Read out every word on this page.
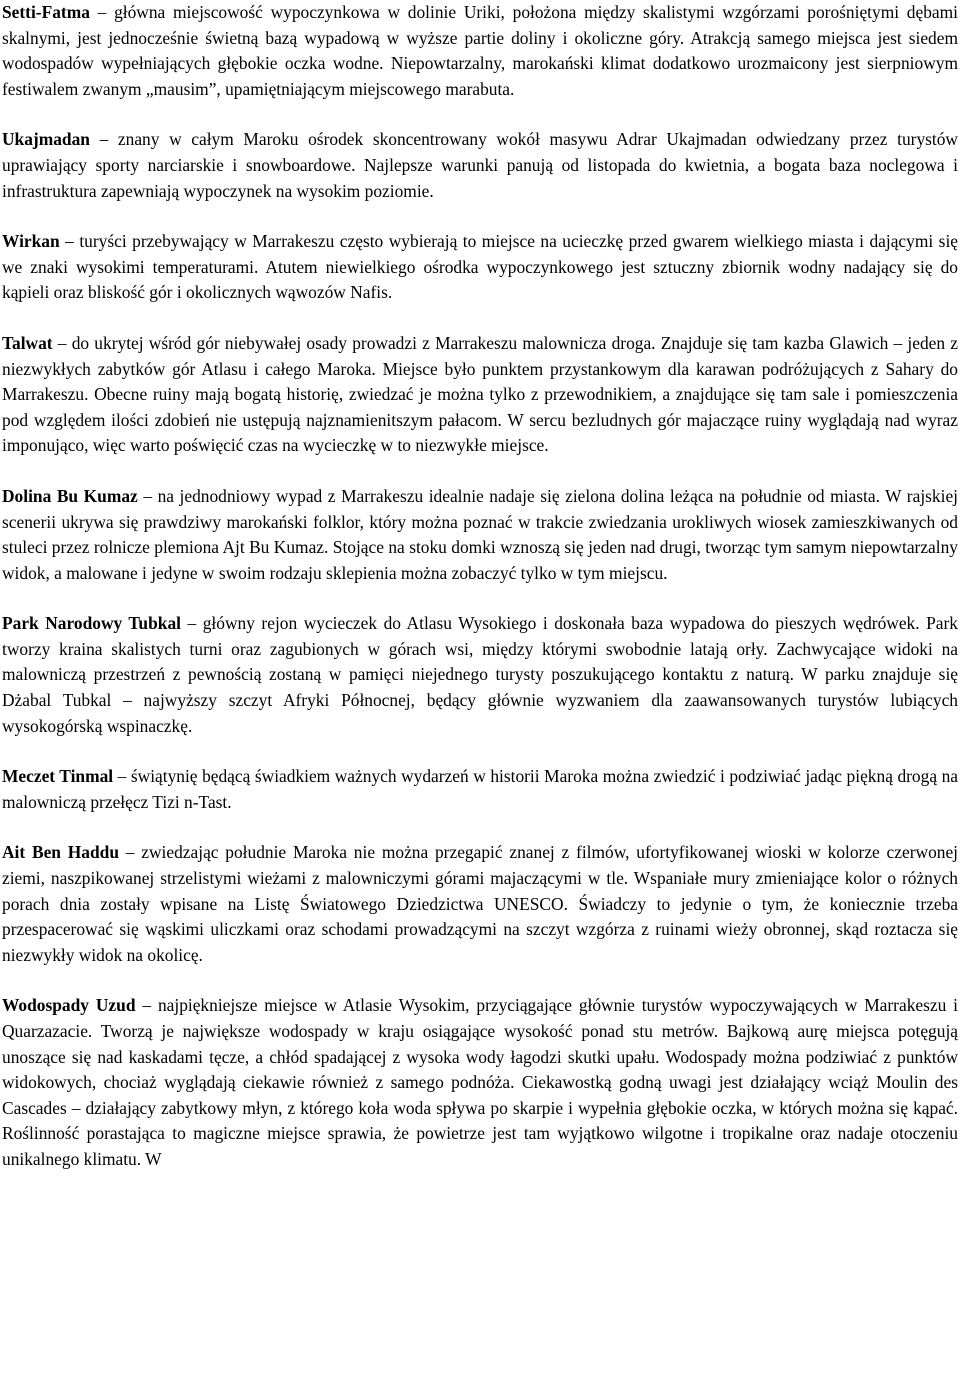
Setti-Fatma – główna miejscowość wypoczynkowa w dolinie Uriki, położona między skalistymi wzgórzami porośniętymi dębami skalnymi, jest jednocześnie świetną bazą wypadową w wyższe partie doliny i okoliczne góry. Atrakcją samego miejsca jest siedem wodospadów wypełniających głębokie oczka wodne. Niepowtarzalny, marokański klimat dodatkowo urozmaicony jest sierpniowym festiwalem zwanym „mausim”, upamiętniającym miejscowego marabuta.

Ukajmadan – znany w całym Maroku ośrodek skoncentrowany wokół masywu Adrar Ukajmadan odwiedzany przez turystów uprawiający sporty narciarskie i snowboardowe. Najlepsze warunki panują od listopada do kwietnia, a bogata baza noclegowa i infrastruktura zapewniają wypoczynek na wysokim poziomie.

Wirkan – turyści przebywający w Marrakeszu często wybierają to miejsce na ucieczkę przed gwarem wielkiego miasta i dającymi się we znaki wysokimi temperaturami. Atutem niewielkiego ośrodka wypoczynkowego jest sztuczny zbiornik wodny nadający się do kąpieli oraz bliskość gór i okolicznych wąwozów Nafis.

Talwat – do ukrytej wśród gór niebywałej osady prowadzi z Marrakeszu malownicza droga. Znajduje się tam kazba Glawich – jeden z niezwykłych zabytków gór Atlasu i całego Maroka. Miejsce było punktem przystankowym dla karawan podróżujących z Sahary do Marrakeszu. Obecne ruiny mają bogatą historię, zwiedzać je można tylko z przewodnikiem, a znajdujące się tam sale i pomieszczenia pod względem ilości zdobień nie ustępują najznamienitszym pałacom. W sercu bezludnych gór majaczące ruiny wyglądają nad wyraz imponująco, więc warto poświęcić czas na wycieczkę w to niezwykłe miejsce.

Dolina Bu Kumaz – na jednodniowy wypad z Marrakeszu idealnie nadaje się zielona dolina leżąca na południe od miasta. W rajskiej scenerii ukrywa się prawdziwy marokański folklor, który można poznać w trakcie zwiedzania urokliwych wiosek zamieszkiwanych od stuleci przez rolnicze plemiona Ajt Bu Kumaz. Stojące na stoku domki wznoszą się jeden nad drugi, tworząc tym samym niepowtarzalny widok, a malowane i jedyne w swoim rodzaju sklepienia można zobaczyć tylko w tym miejscu.

Park Narodowy Tubkal – główny rejon wycieczek do Atlasu Wysokiego i doskonała baza wypadowa do pieszych wędrówek. Park tworzy kraina skalistych turni oraz zagubionych w górach wsi, między którymi swobodnie latają orły. Zachwycające widoki na malowniczą przestrzeń z pewnością zostaną w pamięci niejednego turysty poszukującego kontaktu z naturą. W parku znajduje się Dżabal Tubkal – najwyższy szczyt Afryki Północnej, będący głównie wyzwaniem dla zaawansowanych turystów lubiących wysokogórską wspinaczkę.

Meczet Tinmal – świątynię będącą świadkiem ważnych wydarzeń w historii Maroka można zwiedzić i podziwiać jadąc piękną drogą na malowniczą przełęcz Tizi n-Tast.

Ait Ben Haddu – zwiedzając południe Maroka nie można przegapić znanej z filmów, ufortyfikowanej wioski w kolorze czerwonej ziemi, naszpikowanej strzelistymi wieżami z malowniczymi górami majaczącymi w tle. Wspaniałe mury zmieniające kolor o różnych porach dnia zostały wpisane na Listę Światowego Dziedzictwa UNESCO. Świadczy to jedynie o tym, że koniecznie trzeba przespacerować się wąskimi uliczkami oraz schodami prowadzącymi na szczyt wzgórza z ruinami wieży obronnej, skąd roztacza się niezwykły widok na okolicę.

Wodospady Uzud – najpiękniejsze miejsce w Atlasie Wysokim, przyciągające głównie turystów wypoczywających w Marrakeszu i Quarzazacie. Tworzą je największe wodospady w kraju osiągające wysokość ponad stu metrów. Bajkową aurę miejsca potęgują unoszące się nad kaskadami tęcze, a chłód spadającej z wysoka wody łagodzi skutki upału. Wodospady można podziwiać z punktów widokowych, chociaż wyglądają ciekawie również z samego podnóża. Ciekawostką godną uwagi jest działający wciąż Moulin des Cascades – działający zabytkowy młyn, z którego koła woda spływa po skarpie i wypełnia głębokie oczka, w których można się kąpać. Roślinność porastająca to magiczne miejsce sprawia, że powietrze jest tam wyjątkowo wilgotne i tropikalne oraz nadaje otoczeniu unikalnego klimatu. W
